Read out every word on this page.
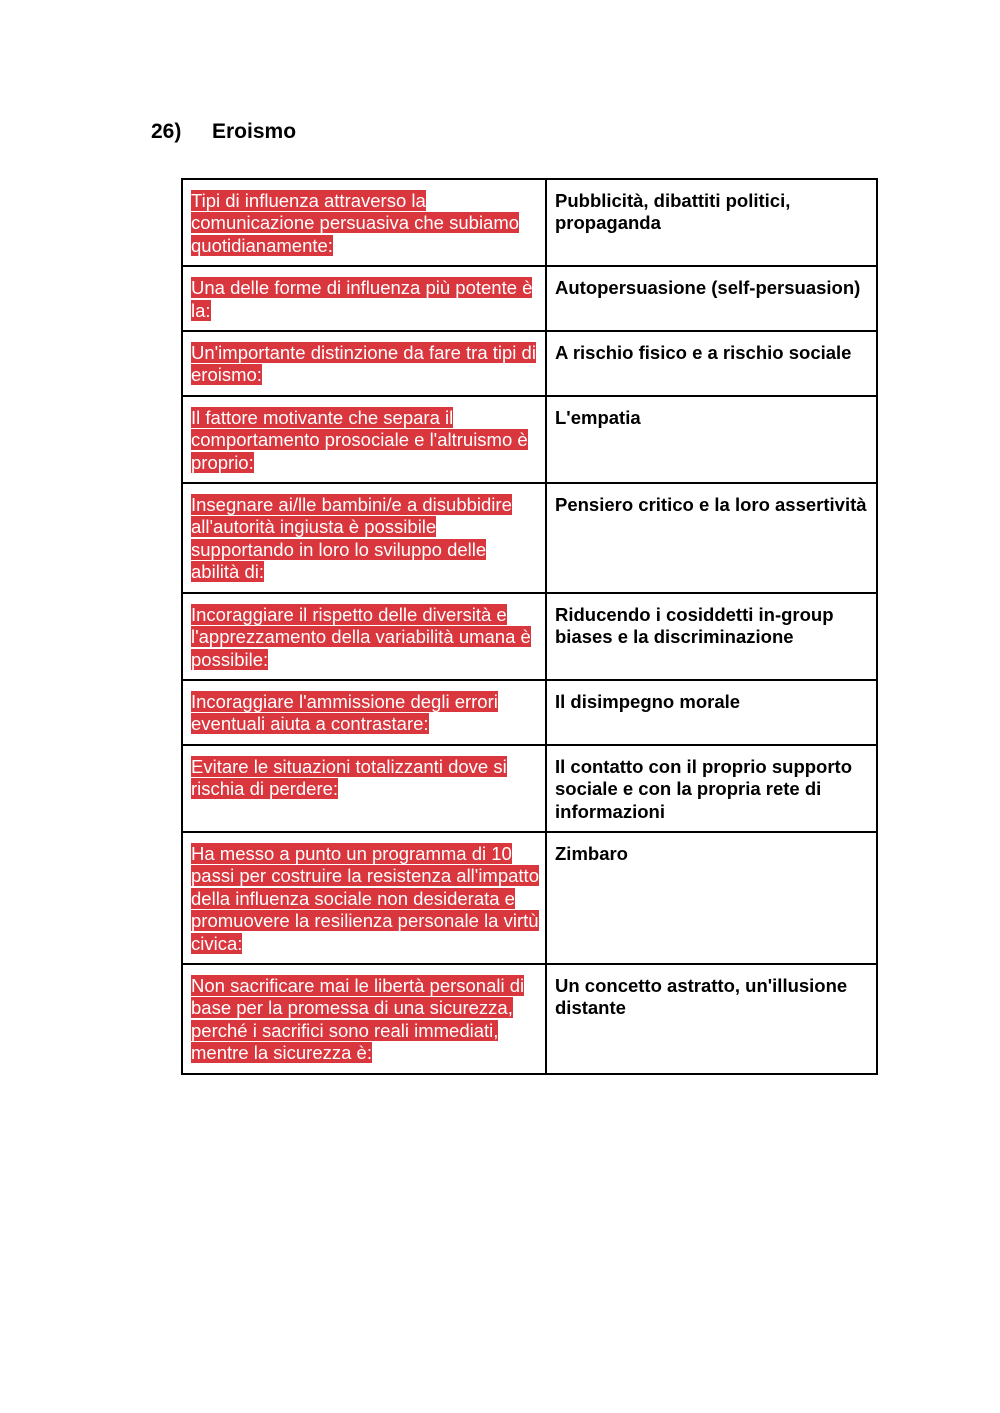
26)	Eroismo
Tipi di influenza attraverso la comunicazione persuasiva che subiamo quotidianamente:	Pubblicità, dibattiti politici, propaganda
Una delle forme di influenza più potente è la:	Autopersuasione (self-persuasion)
Un'importante distinzione da fare tra tipi di eroismo:	A rischio fisico e a rischio sociale
Il fattore motivante che separa il comportamento prosociale e l'altruismo è proprio:	L'empatia
Insegnare ai/lle bambini/e a disubbidire all'autorità ingiusta è possibile supportando in loro lo sviluppo delle abilità di:	Pensiero critico e la loro assertività
Incoraggiare il rispetto delle diversità e l'apprezzamento della variabilità umana è possibile:	Riducendo i cosiddetti in-group biases e la discriminazione
Incoraggiare l'ammissione degli errori eventuali aiuta a contrastare:	Il disimpegno morale
Evitare le situazioni totalizzanti dove si rischia di perdere:	Il contatto con il proprio supporto sociale e con la propria rete di informazioni
Ha messo a punto un programma di 10 passi per costruire la resistenza all'impatto della influenza sociale non desiderata e promuovere la resilienza personale la virtù civica:	Zimbaro
Non sacrificare mai le libertà personali di base per la promessa di una sicurezza, perché i sacrifici sono reali immediati, mentre la sicurezza è:	Un concetto astratto, un'illusione distante
